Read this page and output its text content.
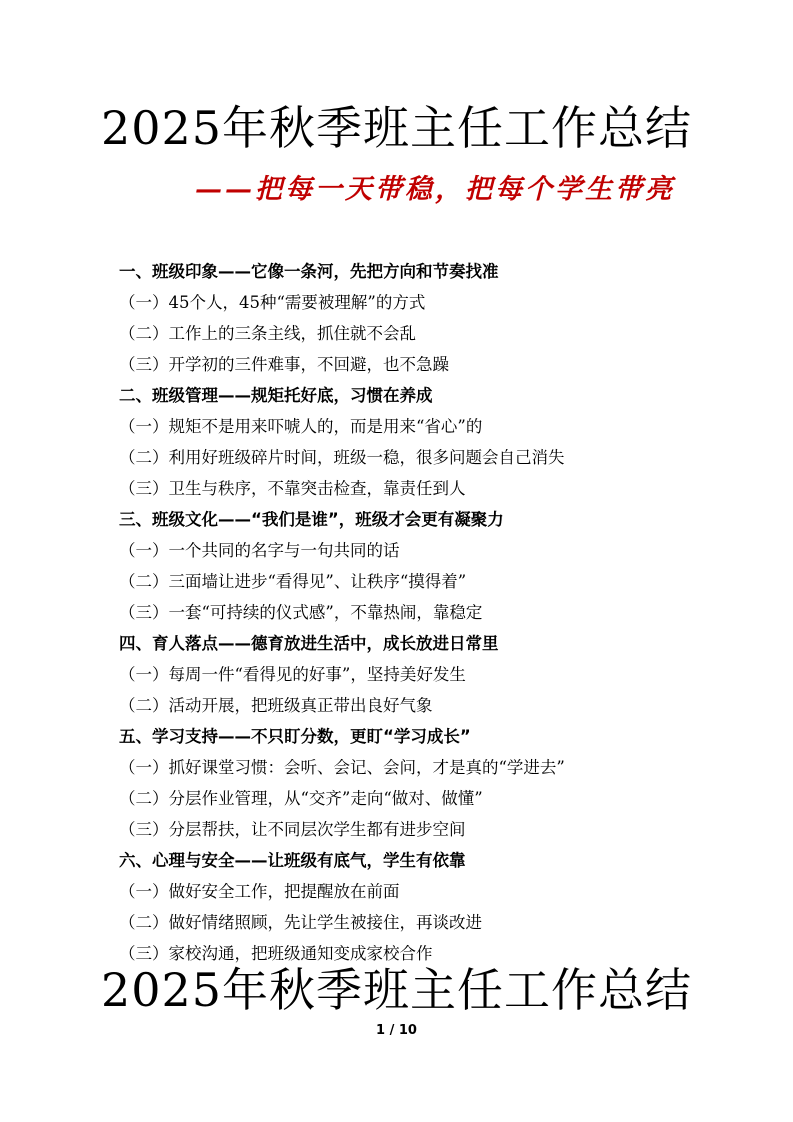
2025年秋季班主任工作总结
——把每一天带稳，把每个学生带亮
一、班级印象——它像一条河，先把方向和节奏找准
（一）45个人，45种“需要被理解”的方式
（二）工作上的三条主线，抓住就不会乱
（三）开学初的三件难事，不回避，也不急躁
二、班级管理——规矩托好底，习惯在养成
（一）规矩不是用来吓唬人的，而是用来“省心”的
（二）利用好班级碎片时间，班级一稳，很多问题会自己消失
（三）卫生与秩序，不靠突击检查，靠责任到人
三、班级文化——“我们是谁”，班级才会更有凝聚力
（一）一个共同的名字与一句共同的话
（二）三面墙让进步“看得见”、让秩序“摸得着”
（三）一套“可持续的仪式感”，不靠热闹，靠稳定
四、育人落点——德育放进生活中，成长放进日常里
（一）每周一件“看得见的好事”，坚持美好发生
（二）活动开展，把班级真正带出良好气象
五、学习支持——不只盯分数，更盯“学习成长”
（一）抓好课堂习惯：会听、会记、会问，才是真的“学进去”
（二）分层作业管理，从“交齐”走向“做对、做懂”
（三）分层帮扶，让不同层次学生都有进步空间
六、心理与安全——让班级有底气，学生有依靠
（一）做好安全工作，把提醒放在前面
（二）做好情绪照顾，先让学生被接住，再谈改进
（三）家校沟通，把班级通知变成家校合作
2025年秋季班主任工作总结
1 / 10
